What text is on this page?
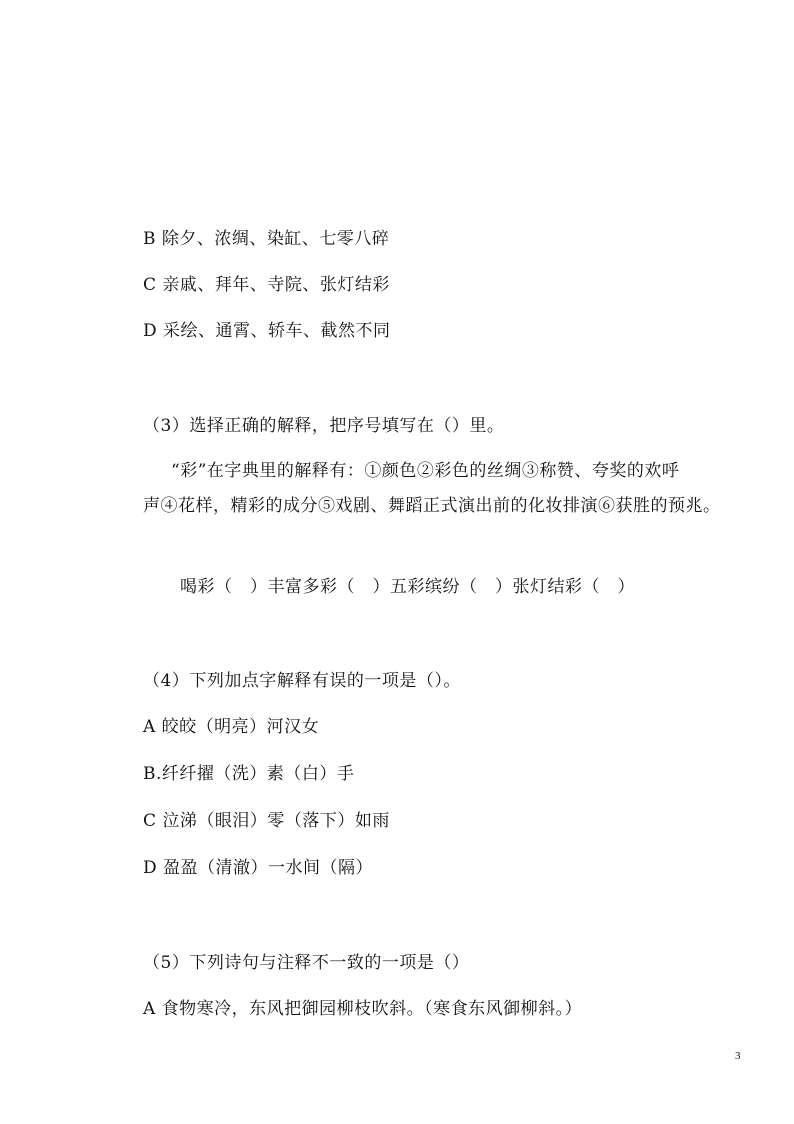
B 除夕、浓绸、染缸、七零八碎
C 亲戚、拜年、寺院、张灯结彩
D 采绘、通霄、轿车、截然不同
（3）选择正确的解释，把序号填写在（）里。
“彩”在字典里的解释有：①颜色②彩色的丝绸③称赞、夸奖的欢呼
声④花样，精彩的成分⑤戏剧、舞蹈正式演出前的化妆排演⑥获胜的预兆。
喝彩（　）丰富多彩（　）五彩缤纷（　）张灯结彩（　）
（4）下列加点字解释有误的一项是（）。
A 皎皎（明亮）河汉女
B.纤纤擢（洗）素（白）手
C 泣涕（眼泪）零（落下）如雨
D 盈盈（清澈）一水间（隔）
（5）下列诗句与注释不一致的一项是（）
A 食物寒冷，东风把御园柳枝吹斜。（寒食东风御柳斜。）
3
